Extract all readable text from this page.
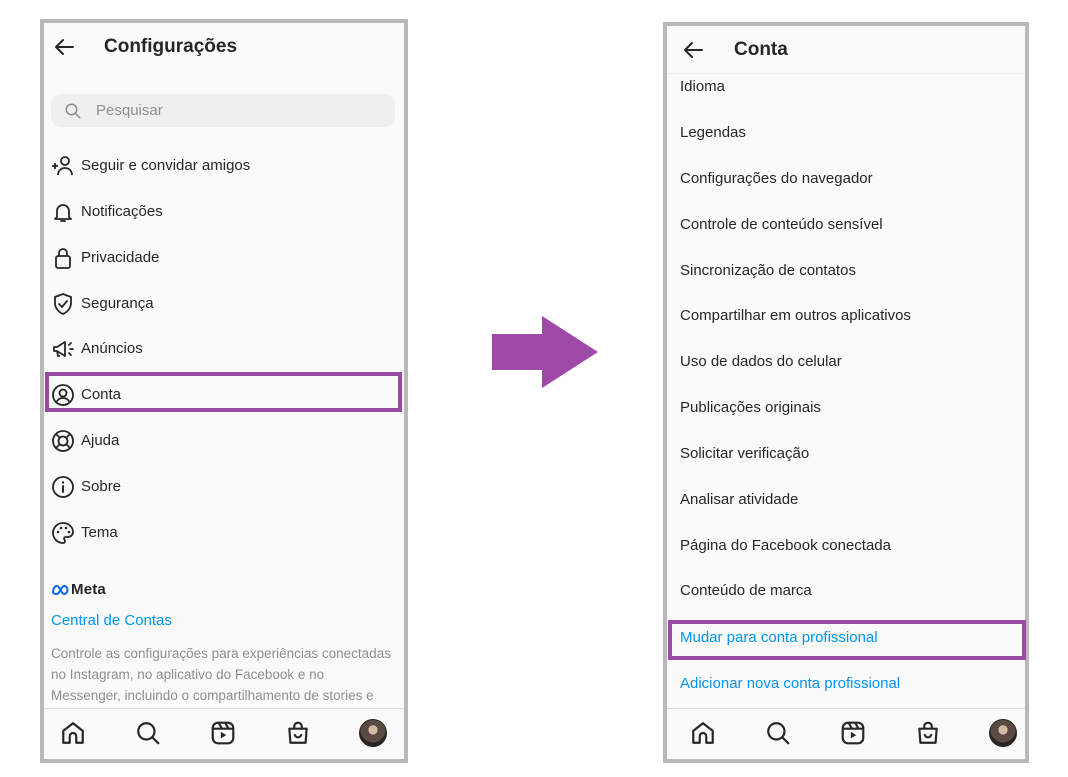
Configurações
Pesquisar
Seguir e convidar amigos
Notificações
Privacidade
Segurança
Anúncios
Conta
Ajuda
Sobre
Tema
Meta
Central de Contas
Controle as configurações para experiências conectadas no Instagram, no aplicativo do Facebook e no Messenger, incluindo o compartilhamento de stories e
Conta
Idioma
Legendas
Configurações do navegador
Controle de conteúdo sensível
Sincronização de contatos
Compartilhar em outros aplicativos
Uso de dados do celular
Publicações originais
Solicitar verificação
Analisar atividade
Página do Facebook conectada
Conteúdo de marca
Mudar para conta profissional
Adicionar nova conta profissional
